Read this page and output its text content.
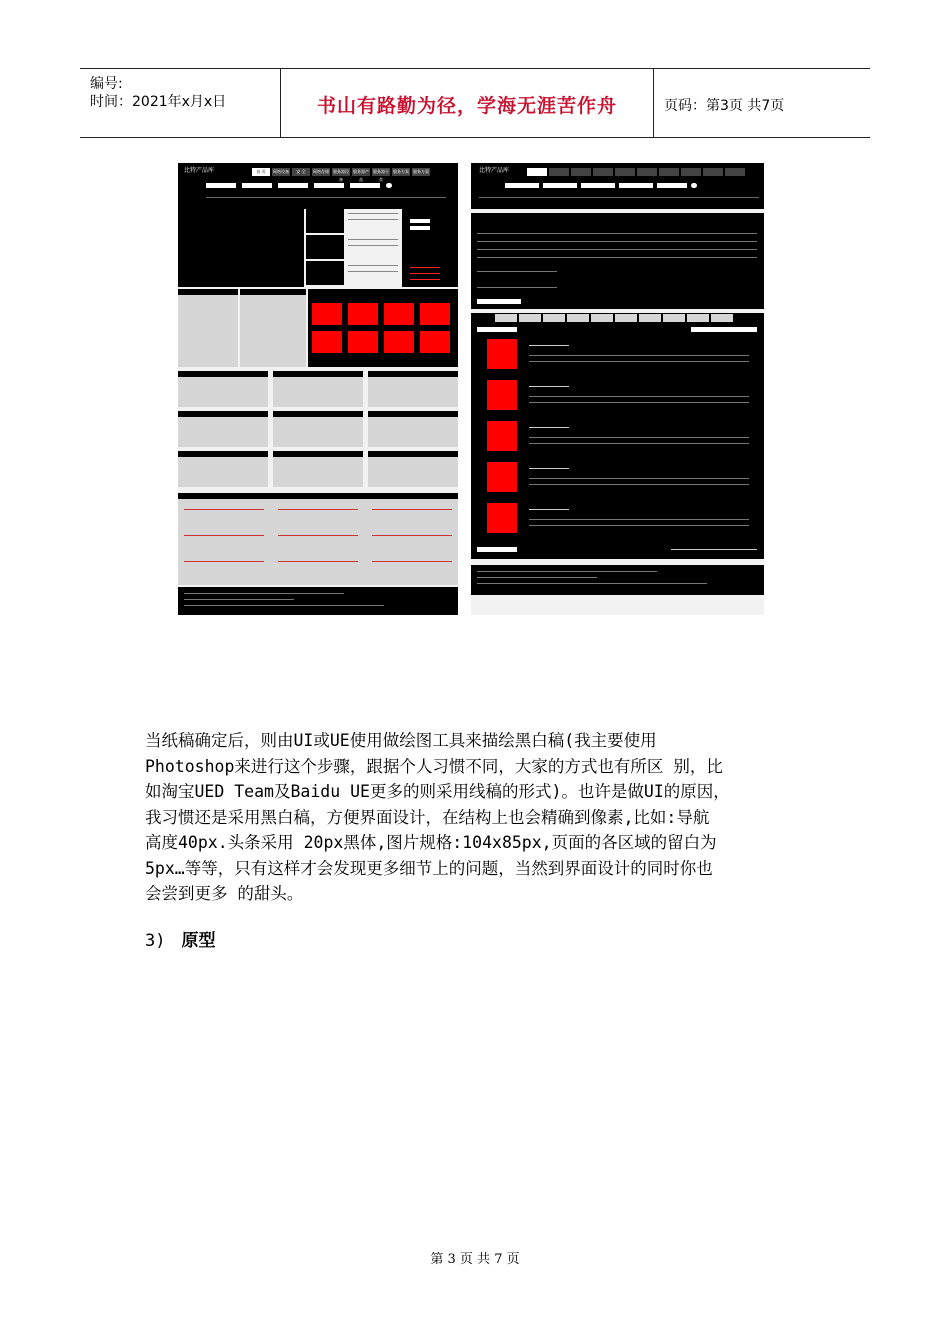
编号:
时间：2021年x月x日	书山有路勤为径，学海无涯苦作舟	页码：第3页 共7页
比特产品库	首 页	网络设备	安 全	网络存储 服务器设备
服务器产品
服务器分类
服务方案 服务方案	比特产品库
当纸稿确定后，则由UI或UE使用做绘图工具来描绘黑白稿(我主要使用
Photoshop来进行这个步骤，跟据个人习惯不同，大家的方式也有所区 别，比
如淘宝UED Team及Baidu UE更多的则采用线稿的形式)。也许是做UI的原因，
我习惯还是采用黑白稿，方便界面设计，在结构上也会精确到像素,比如:导航
高度40px.头条采用 20px黑体,图片规格:104x85px,页面的各区域的留白为
5px…等等，只有这样才会发现更多细节上的问题，当然到界面设计的同时你也
会尝到更多 的甜头。
3) 原型
第 3 页 共 7 页
